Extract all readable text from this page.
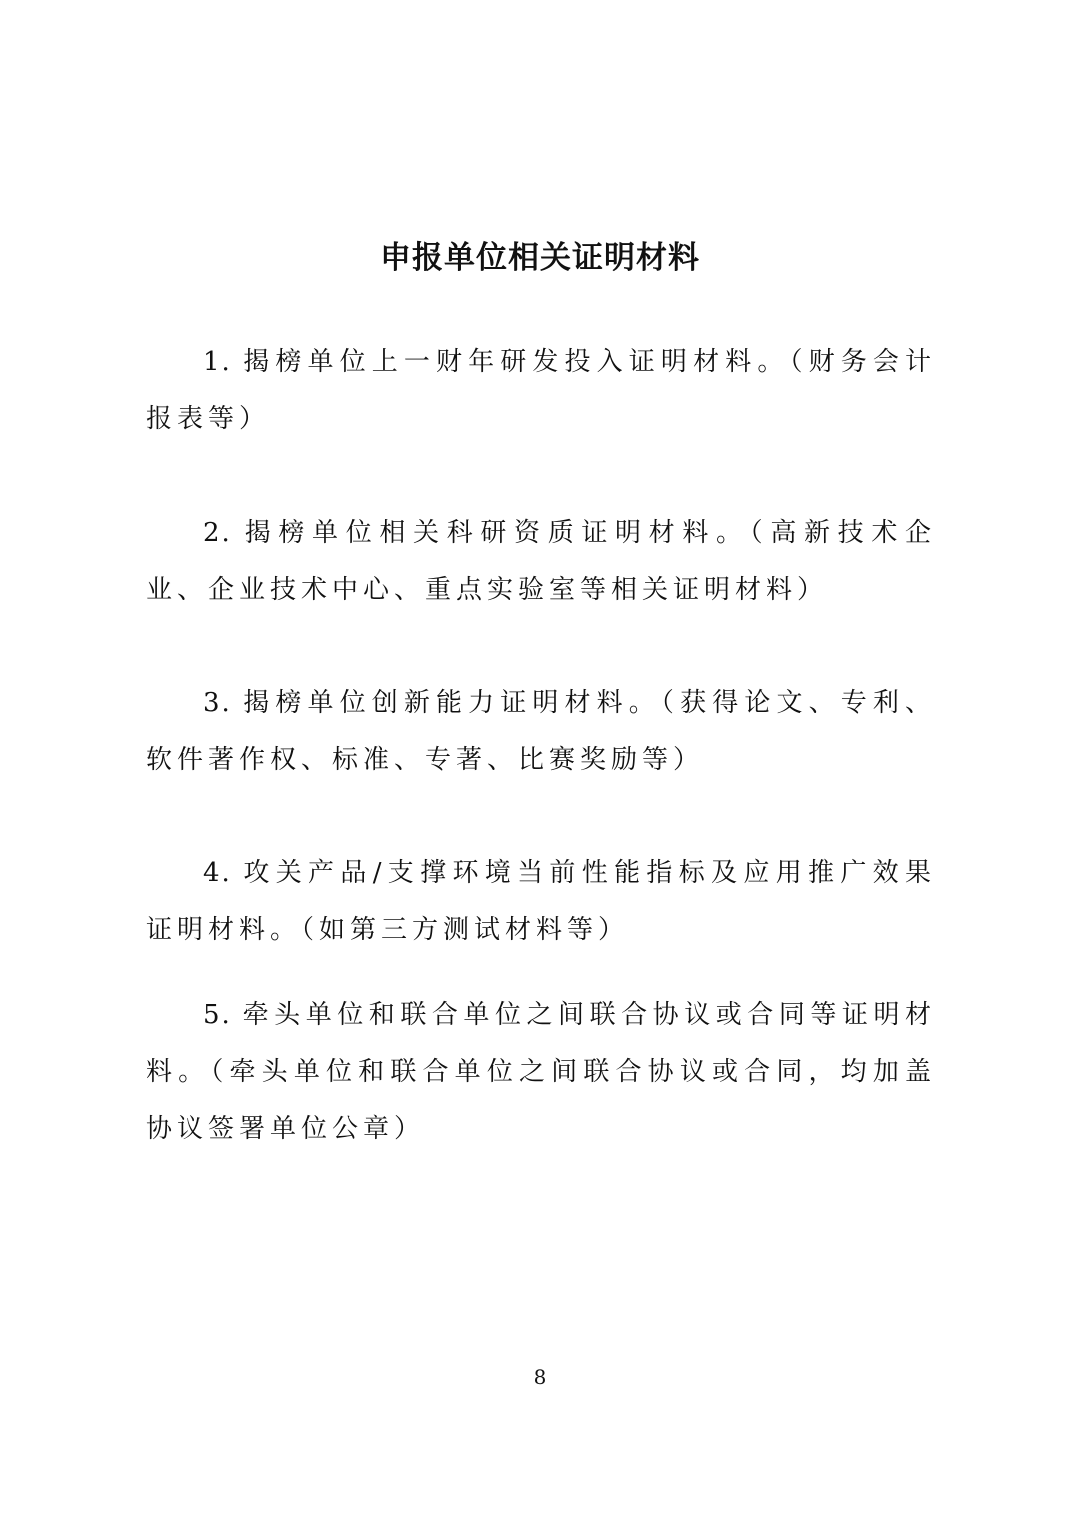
申报单位相关证明材料

1. 揭榜单位上一财年研发投入证明材料。（财务会计报表等）

2. 揭榜单位相关科研资质证明材料。（高新技术企业、企业技术中心、重点实验室等相关证明材料）

3. 揭榜单位创新能力证明材料。（获得论文、专利、软件著作权、标准、专著、比赛奖励等）

4. 攻关产品/支撑环境当前性能指标及应用推广效果证明材料。（如第三方测试材料等）

5. 牵头单位和联合单位之间联合协议或合同等证明材料。（牵头单位和联合单位之间联合协议或合同，均加盖协议签署单位公章）

8
